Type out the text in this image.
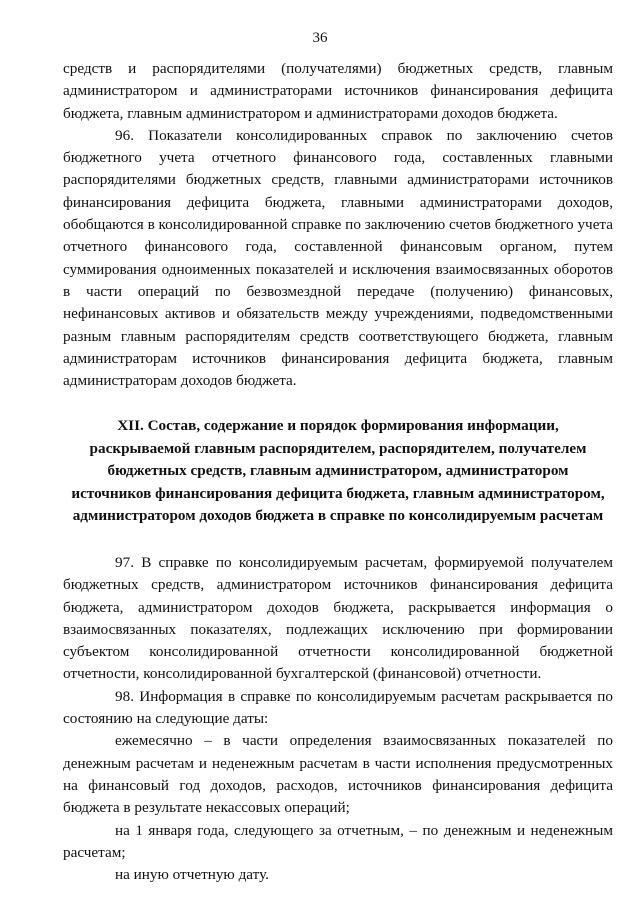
36

средств и распорядителями (получателями) бюджетных средств, главным администратором и администраторами источников финансирования дефицита бюджета, главным администратором и администраторами доходов бюджета.

96. Показатели консолидированных справок по заключению счетов бюджетного учета отчетного финансового года, составленных главными распорядителями бюджетных средств, главными администраторами источников финансирования дефицита бюджета, главными администраторами доходов, обобщаются в консолидированной справке по заключению счетов бюджетного учета отчетного финансового года, составленной финансовым органом, путем суммирования одноименных показателей и исключения взаимосвязанных оборотов в части операций по безвозмездной передаче (получению) финансовых, нефинансовых активов и обязательств между учреждениями, подведомственными разным главным распорядителям средств соответствующего бюджета, главным администраторам источников финансирования дефицита бюджета, главным администраторам доходов бюджета.

XII. Состав, содержание и порядок формирования информации, раскрываемой главным распорядителем, распорядителем, получателем бюджетных средств, главным администратором, администратором источников финансирования дефицита бюджета, главным администратором, администратором доходов бюджета в справке по консолидируемым расчетам

97. В справке по консолидируемым расчетам, формируемой получателем бюджетных средств, администратором источников финансирования дефицита бюджета, администратором доходов бюджета, раскрывается информация о взаимосвязанных показателях, подлежащих исключению при формировании субъектом консолидированной отчетности консолидированной бюджетной отчетности, консолидированной бухгалтерской (финансовой) отчетности.

98. Информация в справке по консолидируемым расчетам раскрывается по состоянию на следующие даты:

ежемесячно – в части определения взаимосвязанных показателей по денежным расчетам и неденежным расчетам в части исполнения предусмотренных на финансовый год доходов, расходов, источников финансирования дефицита бюджета в результате некассовых операций;

на 1 января года, следующего за отчетным, – по денежным и неденежным расчетам;

на иную отчетную дату.
